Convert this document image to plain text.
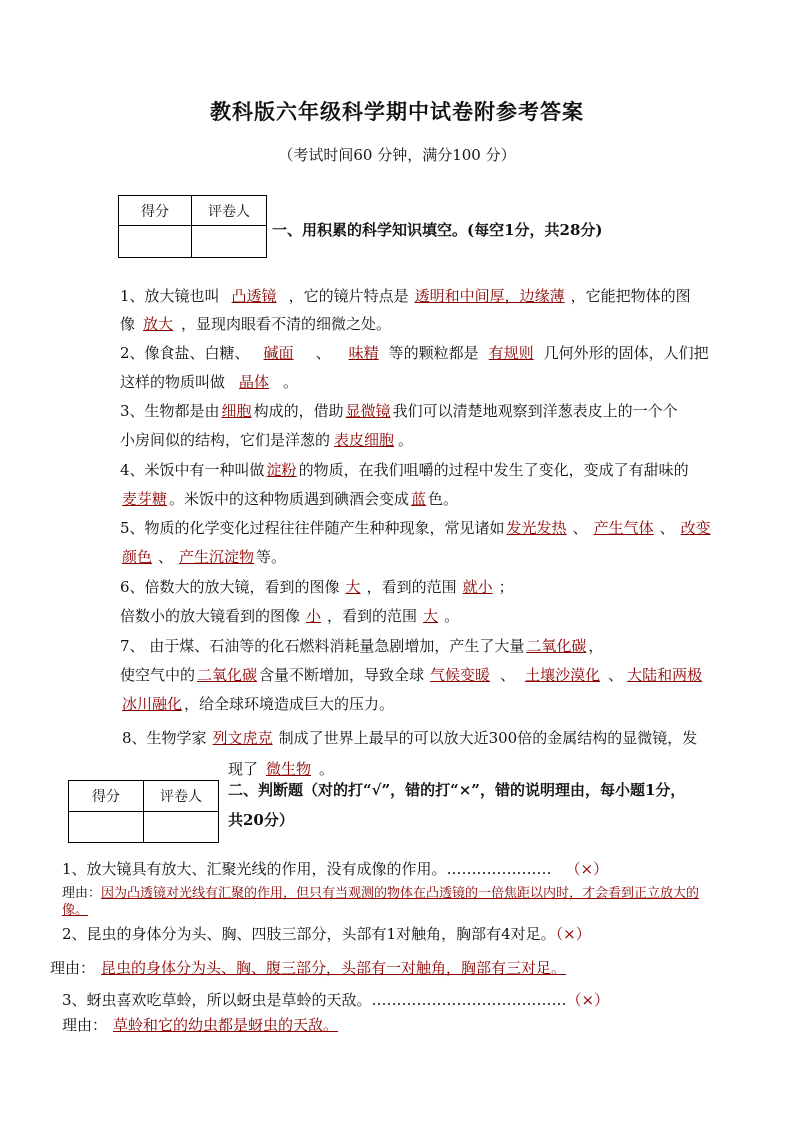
教科版六年级科学期中试卷附参考答案
（考试时间60 分钟，满分100 分）
得分	评卷人

一、用积累的科学知识填空。(每空1分，共28分)
1、放大镜也叫 凸透镜 ，它的镜片特点是 透明和中间厚，边缘薄 ，它能把物体的图
像 放大 ，显现肉眼看不清的细微之处。
2、像食盐、白糖、 碱面 、 味精 等的颗粒都是 有规则 几何外形的固体，人们把
这样的物质叫做 晶体 。
3、生物都是由 细胞 构成的，借助 显微镜 我们可以清楚地观察到洋葱表皮上的一个个
小房间似的结构，它们是洋葱的 表皮细胞 。
4、米饭中有一种叫做 淀粉 的物质，在我们咀嚼的过程中发生了变化，变成了有甜味的
麦芽糖 。米饭中的这种物质遇到碘酒会变成 蓝 色。
5、物质的化学变化过程往往伴随产生种种现象，常见诸如 发光发热 、 产生气体 、 改变
颜色 、 产生沉淀物 等。
6、倍数大的放大镜，看到的图像 大 ，看到的范围 就小 ；
倍数小的放大镜看到的图像 小 ，看到的范围 大 。
7、 由于煤、石油等的化石燃料消耗量急剧增加，产生了大量 二氧化碳 ，
使空气中的 二氧化碳 含量不断增加，导致全球 气候变暖 、 土壤沙漠化 、 大陆和两极
冰川融化 ，给全球环境造成巨大的压力。
8、生物学家 列文虎克 制成了世界上最早的可以放大近300倍的金属结构的显微镜，发
现了 微生物 。
得分	评卷人
	二、判断题（对的打“√”，错的打“×”，错的说明理由，每小题1分，
共20分）
1、放大镜具有放大、汇聚光线的作用，没有成像的作用。………………… （×）
理由：因为凸透镜对光线有汇聚的作用，但只有当观测的物体在凸透镜的一倍焦距以内时，才会看到正立放大的
像。
2、昆虫的身体分为头、胸、四肢三部分，头部有1对触角，胸部有4对足。（×）
理由： 昆虫的身体分为头、胸、腹三部分，头部有一对触角，胸部有三对足。
3、蚜虫喜欢吃草蛉，所以蚜虫是草蛉的天敌。…………………………………（×）
理由： 草蛉和它的幼虫都是蚜虫的天敌。
